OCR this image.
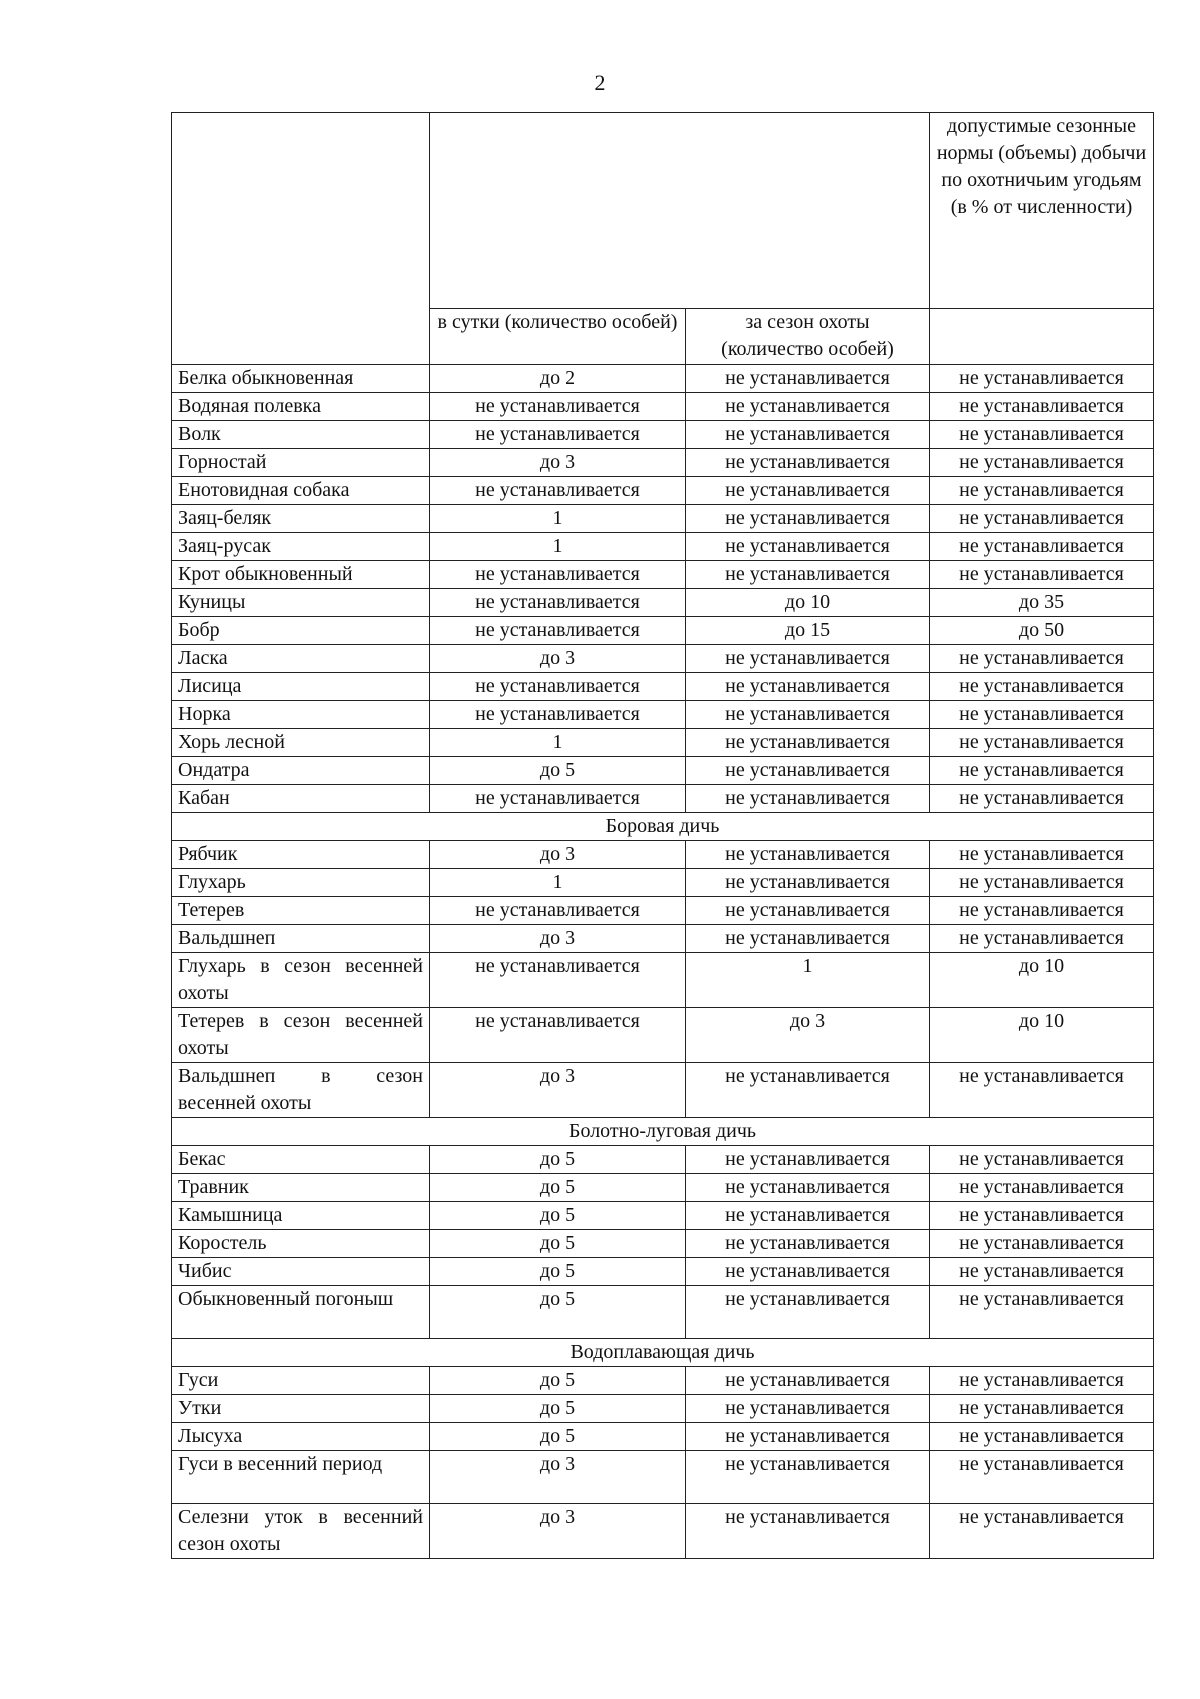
2
			допустимые сезонные нормы (объемы) добычи по охотничьим угодьям (в % от численности)
	в сутки (количество особей)	за сезон охоты (количество особей)	
Белка обыкновенная	до 2	не устанавливается	не устанавливается
Водяная полевка	не устанавливается	не устанавливается	не устанавливается
Волк	не устанавливается	не устанавливается	не устанавливается
Горностай	до 3	не устанавливается	не устанавливается
Енотовидная собака	не устанавливается	не устанавливается	не устанавливается
Заяц-беляк	1	не устанавливается	не устанавливается
Заяц-русак	1	не устанавливается	не устанавливается
Крот обыкновенный	не устанавливается	не устанавливается	не устанавливается
Куницы	не устанавливается	до 10	до 35
Бобр	не устанавливается	до 15	до 50
Ласка	до 3	не устанавливается	не устанавливается
Лисица	не устанавливается	не устанавливается	не устанавливается
Норка	не устанавливается	не устанавливается	не устанавливается
Хорь лесной	1	не устанавливается	не устанавливается
Ондатра	до 5	не устанавливается	не устанавливается
Кабан	не устанавливается	не устанавливается	не устанавливается
Боровая дичь			
Рябчик	до 3	не устанавливается	не устанавливается
Глухарь	1	не устанавливается	не устанавливается
Тетерев	не устанавливается	не устанавливается	не устанавливается
Вальдшнеп	до 3	не устанавливается	не устанавливается
Глухарь в сезон весенней охоты	не устанавливается	1	до 10
Тетерев в сезон весенней охоты	не устанавливается	до 3	до 10
Вальдшнеп в сезон весенней охоты	до 3	не устанавливается	не устанавливается
Болотно-луговая дичь			
Бекас	до 5	не устанавливается	не устанавливается
Травник	до 5	не устанавливается	не устанавливается
Камышница	до 5	не устанавливается	не устанавливается
Коростель	до 5	не устанавливается	не устанавливается
Чибис	до 5	не устанавливается	не устанавливается
Обыкновенный погоныш	до 5	не устанавливается	не устанавливается
Водоплавающая дичь			
Гуси	до 5	не устанавливается	не устанавливается
Утки	до 5	не устанавливается	не устанавливается
Лысуха	до 5	не устанавливается	не устанавливается
Гуси в весенний период	до 3	не устанавливается	не устанавливается
Селезни уток в весенний сезон охоты	до 3	не устанавливается	не устанавливается
